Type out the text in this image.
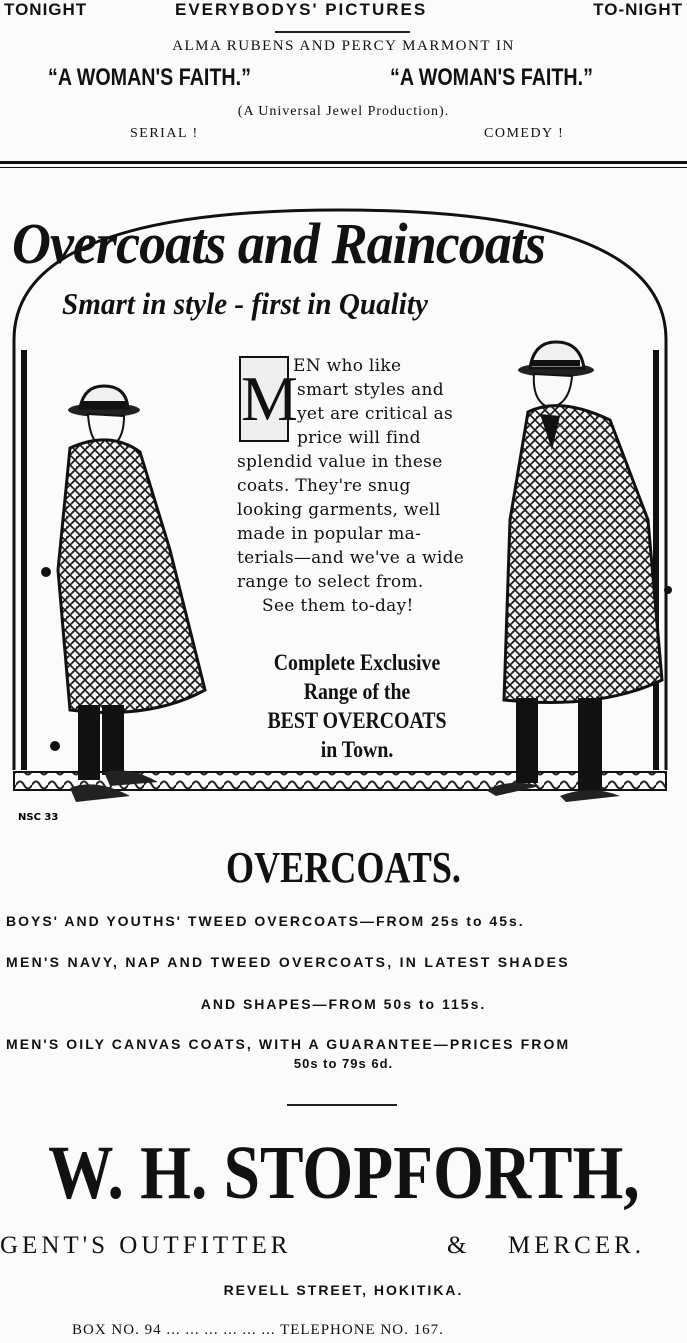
TONIGHT	EVERYBODYS' PICTURES	TO-NIGHT
ALMA RUBENS AND PERCY MARMONT IN
“A WOMAN'S FAITH.”	“A WOMAN'S FAITH.”
(A Universal Jewel Production).
SERIAL !	COMEDY !
NSC 33
Overcoats and Raincoats
Smart in style - first in Quality
M
EN who like
smart styles and
yet are critical as
price will find
splendid value in these
coats. They're snug
looking garments, well
made in popular ma-
terials—and we've a wide
range to select from.
See them to-day!
Complete Exclusive
Range of the
BEST OVERCOATS
in Town.
OVERCOATS.
BOYS' AND YOUTHS' TWEED OVERCOATS—FROM 25s to 45s.
MEN'S NAVY, NAP AND TWEED OVERCOATS, IN LATEST SHADES
AND SHAPES—FROM 50s to 115s.
MEN'S OILY CANVAS COATS, WITH A GUARANTEE—PRICES FROM
50s to 79s 6d.
W. H. STOPFORTH,
GENT'S OUTFITTER	& MERCER.
REVELL STREET, HOKITIKA.
BOX NO. 94 ... ... ... ... ... ... TELEPHONE NO. 167.
